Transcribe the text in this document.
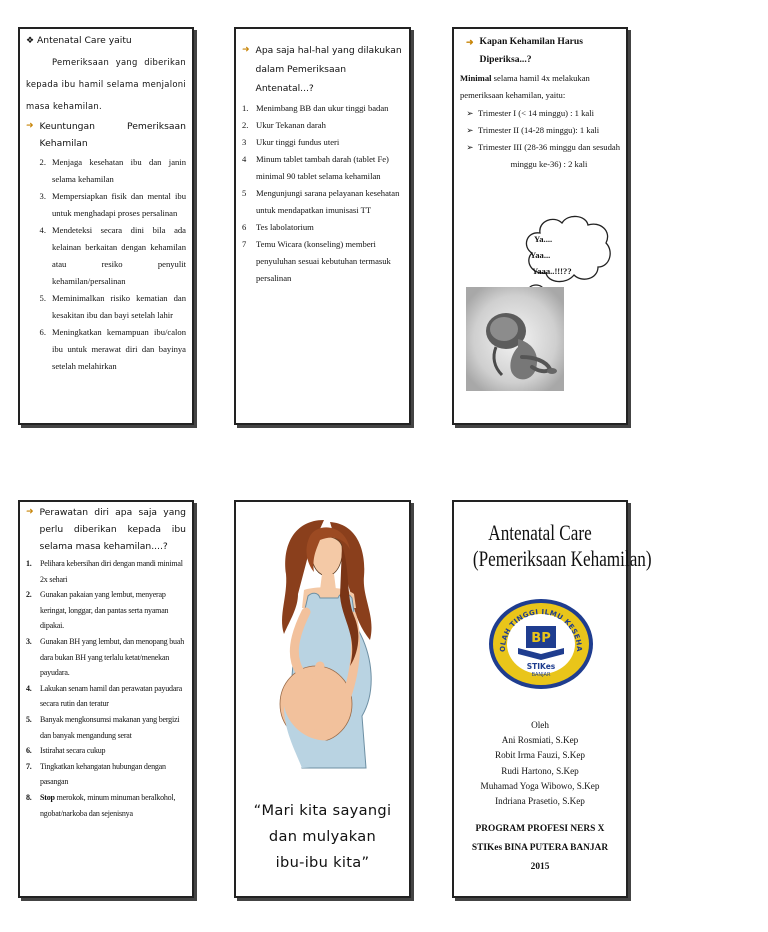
❖ Antenatal Care yaitu
Pemeriksaan yang diberikan kepada ibu hamil selama menjaloni masa kehamilan.
➜ Keuntungan Pemeriksaan Kehamilan
2. Menjaga kesehatan ibu dan janin selama kehamilan
3. Mempersiapkan fisik dan mental ibu untuk menghadapi proses persalinan
4. Mendeteksi secara dini bila ada kelainan berkaitan dengan kehamilan atau resiko penyulit kehamilan/persalinan
5. Meminimalkan risiko kematian dan kesakitan ibu dan bayi setelah lahir
6. Meningkatkan kemampuan ibu/calon ibu untuk merawat diri dan bayinya setelah melahirkan
➜ Apa saja hal-hal yang dilakukan dalam Pemeriksaan Antenatal...?
1. Menimbang BB dan ukur tinggi badan
2. Ukur Tekanan darah
3	Ukur tinggi fundus uteri
4	Minum tablet tambah darah (tablet Fe) minimal 90 tablet selama kehamilan
5	Mengunjungi sarana pelayanan kesehatan untuk mendapatkan imunisasi TT
6	Tes labolatorium
7	Temu Wicara (konseling) memberi penyuluhan sesuai kebutuhan termasuk persalinan
➜ Kapan Kehamilan Harus Diperiksa...?
Minimal selama hamil 4x melakukan pemeriksaan kehamilan, yaitu:
➢ Trimester I (< 14 minggu) : 1 kali
➢ Trimester II (14-28 minggu): 1 kali
➢ Trimester III (28-36 minggu dan sesudah minggu ke-36) : 2 kali
Ya....
Yaa...
Yaaa..!!!??
➜ Perawatan diri apa saja yang perlu diberikan kepada ibu selama masa kehamilan....?
1.	Pelihara kebersihan diri dengan mandi minimal 2x sehari
2.	Gunakan pakaian yang lembut, menyerap keringat, longgar, dan pantas serta nyaman dipakai.
3.	Gunakan BH yang lembut, dan menopang buah dara bukan BH yang terlalu ketat/menekan payudara.
4.	Lakukan senam hamil dan perawatan payudara secara rutin dan teratur
5.	Banyak mengkonsumsi makanan yang bergizi dan banyak mengandung serat
6.	Istirahat secara cukup
7.	Tingkatkan kehangatan hubungan dengan pasangan
8.	Stop merokok, minum minuman beralkohol, ngobat/narkoba dan sejenisnya	“Mari kita sayangi
dan mulyakan
ibu-ibu kita”
Antenatal Care
(Pemeriksaan Kehamilan)
OLAH TINGGI ILMU KESEHA
BP
STIKes
BANJAR
Oleh
Ani Rosmiati, S.Kep
Robit Irma Fauzi, S.Kep
Rudi Hartono, S.Kep
Muhamad Yoga Wibowo, S.Kep
Indriana Prasetio, S.Kep
PROGRAM PROFESI NERS X
STIKes BINA PUTERA BANJAR
2015
